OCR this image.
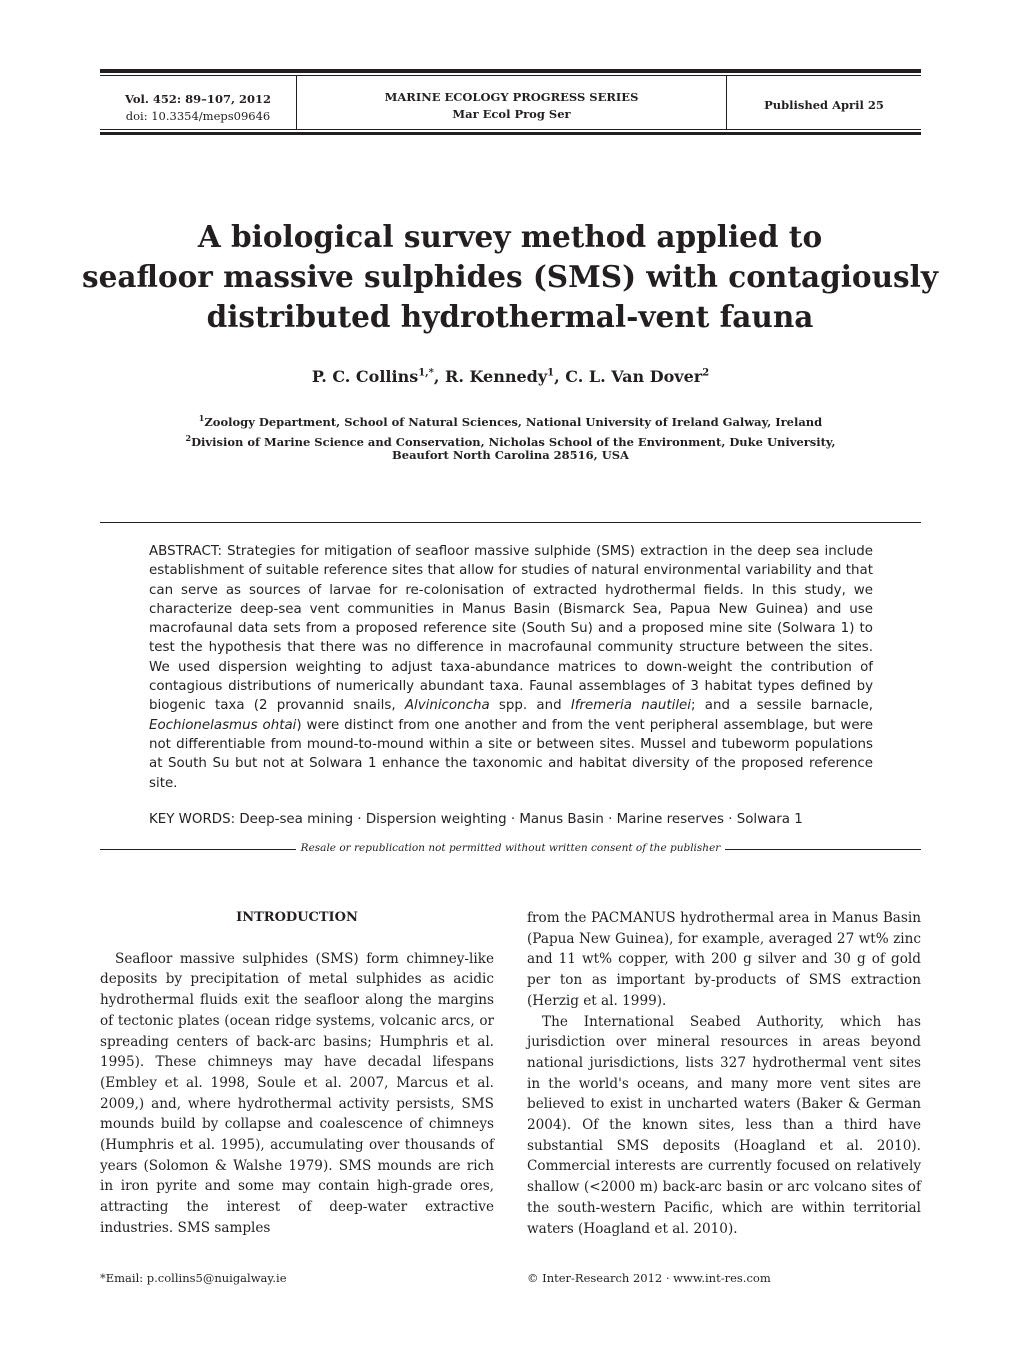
Vol. 452: 89–107, 2012
doi: 10.3354/meps09646
MARINE ECOLOGY PROGRESS SERIES
Mar Ecol Prog Ser
Published April 25
A biological survey method applied to
seafloor massive sulphides (SMS) with contagiously
distributed hydrothermal-vent fauna
P. C. Collins$^{1,*}$, R. Kennedy$^1$, C. L. Van Dover$^2$
$^1$Zoology Department, School of Natural Sciences, National University of Ireland Galway, Ireland
$^2$Division of Marine Science and Conservation, Nicholas School of the Environment, Duke University,
Beaufort North Carolina 28516, USA
ABSTRACT: Strategies for mitigation of seafloor massive sulphide (SMS) extraction in the deep sea include establishment of suitable reference sites that allow for studies of natural environmental variability and that can serve as sources of larvae for re-colonisation of extracted hydrothermal fields. In this study, we characterize deep-sea vent communities in Manus Basin (Bismarck Sea, Papua New Guinea) and use macrofaunal data sets from a proposed reference site (South Su) and a proposed mine site (Solwara 1) to test the hypothesis that there was no difference in macrofaunal community structure between the sites. We used dispersion weighting to adjust taxa-abundance matrices to down-weight the contribution of contagious distributions of numerically abundant taxa. Faunal assemblages of 3 habitat types defined by biogenic taxa (2 provannid snails, Alviniconcha spp. and Ifremeria nautilei; and a sessile barnacle, Eochionelasmus ohtai) were distinct from one another and from the vent peripheral assemblage, but were not differentiable from mound-to-mound within a site or between sites. Mussel and tubeworm populations at South Su but not at Solwara 1 enhance the taxonomic and habitat diversity of the proposed reference site.
KEY WORDS: Deep-sea mining · Dispersion weighting · Manus Basin · Marine reserves · Solwara 1
Resale or republication not permitted without written consent of the publisher
INTRODUCTION

Seafloor massive sulphides (SMS) form chimney-like deposits by precipitation of metal sulphides as acidic hydrothermal fluids exit the seafloor along the margins of tectonic plates (ocean ridge systems, volcanic arcs, or spreading centers of back-arc basins; Humphris et al. 1995). These chimneys may have decadal lifespans (Embley et al. 1998, Soule et al. 2007, Marcus et al. 2009,) and, where hydrothermal activity persists, SMS mounds build by collapse and coalescence of chimneys (Humphris et al. 1995), accumulating over thousands of years (Solomon & Walshe 1979). SMS mounds are rich in iron pyrite and some may contain high-grade ores, attracting the interest of deep-water extractive industries. SMS samples

from the PACMANUS hydrothermal area in Manus Basin (Papua New Guinea), for example, averaged 27 wt% zinc and 11 wt% copper, with 200 g silver and 30 g of gold per ton as important by-products of SMS extraction (Herzig et al. 1999).

The International Seabed Authority, which has jurisdiction over mineral resources in areas beyond national jurisdictions, lists 327 hydrothermal vent sites in the world's oceans, and many more vent sites are believed to exist in uncharted waters (Baker & German 2004). Of the known sites, less than a third have substantial SMS deposits (Hoagland et al. 2010). Commercial interests are currently focused on relatively shallow (<2000 m) back-arc basin or arc volcano sites of the south-western Pacific, which are within territorial waters (Hoagland et al. 2010).

*Email: p.collins5@nuigalway.ie	© Inter-Research 2012 · www.int-res.com
